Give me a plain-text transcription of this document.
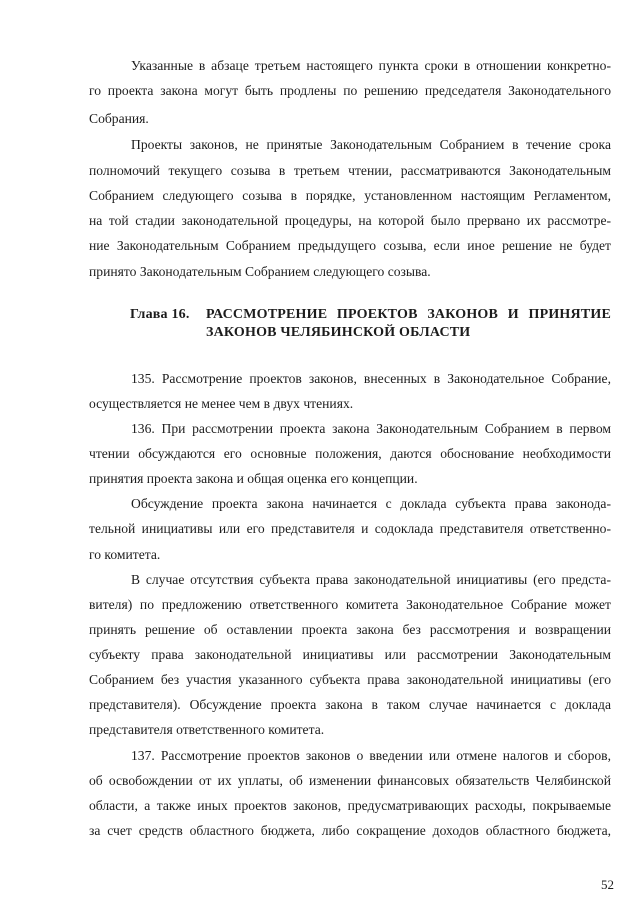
Указанные в абзаце третьем настоящего пункта сроки в отношении конкретно-
го проекта закона могут быть продлены по решению председателя Законодательного
Собрания.
Проекты законов, не принятые Законодательным Собранием в течение срока
полномочий текущего созыва в третьем чтении, рассматриваются Законодательным
Собранием следующего созыва в порядке, установленном настоящим Регламентом,
на той стадии законодательной процедуры, на которой было прервано их рассмотре-
ние Законодательным Собранием предыдущего созыва, если иное решение не будет
принято Законодательным Собранием следующего созыва.
Глава 16. РАССМОТРЕНИЕ ПРОЕКТОВ ЗАКОНОВ И ПРИНЯТИЕ
ЗАКОНОВ ЧЕЛЯБИНСКОЙ ОБЛАСТИ
135. Рассмотрение проектов законов, внесенных в Законодательное Собрание,
осуществляется не менее чем в двух чтениях.
136. При рассмотрении проекта закона Законодательным Собранием в первом
чтении обсуждаются его основные положения, даются обоснование необходимости
принятия проекта закона и общая оценка его концепции.
Обсуждение проекта закона начинается с доклада субъекта права законода-
тельной инициативы или его представителя и содоклада представителя ответственно-
го комитета.
В случае отсутствия субъекта права законодательной инициативы (его предста-
вителя) по предложению ответственного комитета Законодательное Собрание может
принять решение об оставлении проекта закона без рассмотрения и возвращении
субъекту права законодательной инициативы или рассмотрении Законодательным
Собранием без участия указанного субъекта права законодательной инициативы (его
представителя). Обсуждение проекта закона в таком случае начинается с доклада
представителя ответственного комитета.
137. Рассмотрение проектов законов о введении или отмене налогов и сборов,
об освобождении от их уплаты, об изменении финансовых обязательств Челябинской
области, а также иных проектов законов, предусматривающих расходы, покрываемые
за счет средств областного бюджета, либо сокращение доходов областного бюджета,
52
